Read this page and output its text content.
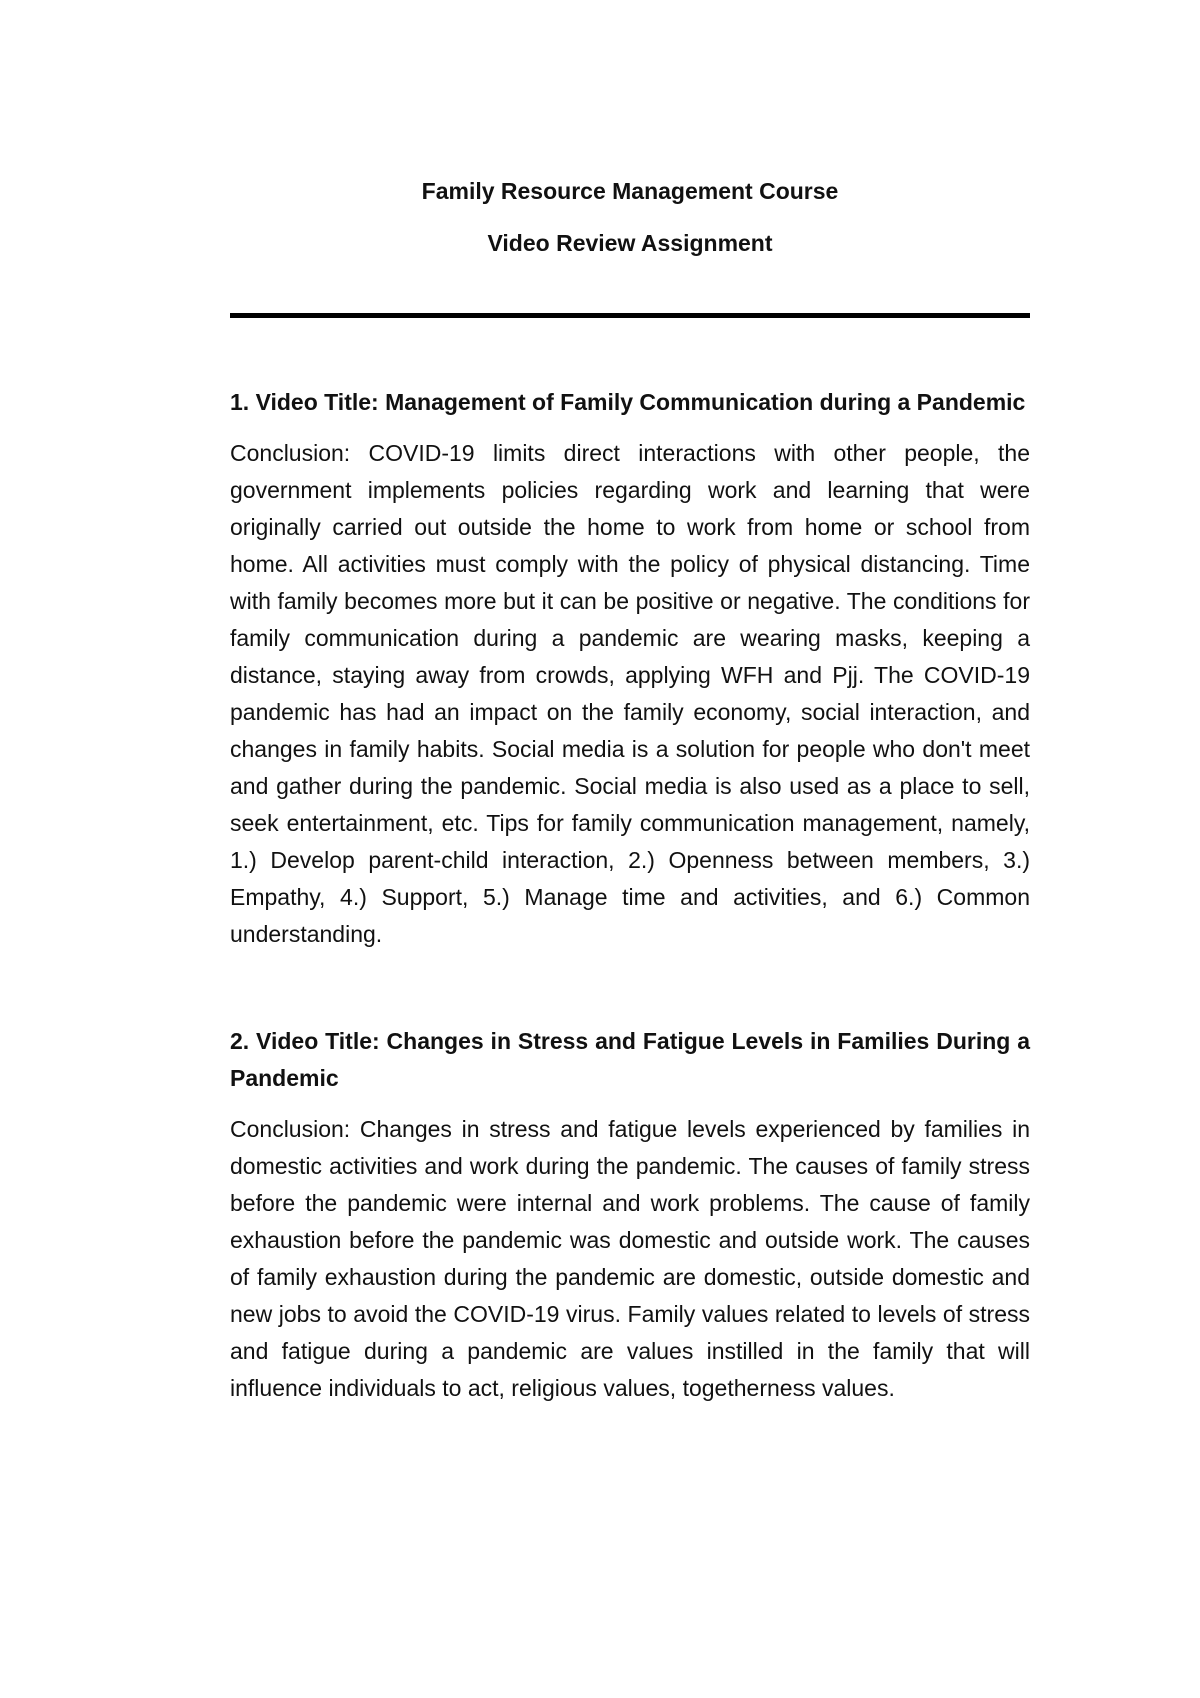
Family Resource Management Course

Video Review Assignment

1. Video Title: Management of Family Communication during a Pandemic

Conclusion: COVID-19 limits direct interactions with other people, the government implements policies regarding work and learning that were originally carried out outside the home to work from home or school from home. All activities must comply with the policy of physical distancing. Time with family becomes more but it can be positive or negative. The conditions for family communication during a pandemic are wearing masks, keeping a distance, staying away from crowds, applying WFH and Pjj. The COVID-19 pandemic has had an impact on the family economy, social interaction, and changes in family habits. Social media is a solution for people who don't meet and gather during the pandemic. Social media is also used as a place to sell, seek entertainment, etc. Tips for family communication management, namely, 1.) Develop parent-child interaction, 2.) Openness between members, 3.) Empathy, 4.) Support, 5.) Manage time and activities, and 6.) Common understanding.

2. Video Title: Changes in Stress and Fatigue Levels in Families During a Pandemic

Conclusion: Changes in stress and fatigue levels experienced by families in domestic activities and work during the pandemic. The causes of family stress before the pandemic were internal and work problems. The cause of family exhaustion before the pandemic was domestic and outside work. The causes of family exhaustion during the pandemic are domestic, outside domestic and new jobs to avoid the COVID-19 virus. Family values related to levels of stress and fatigue during a pandemic are values instilled in the family that will influence individuals to act, religious values, togetherness values.
